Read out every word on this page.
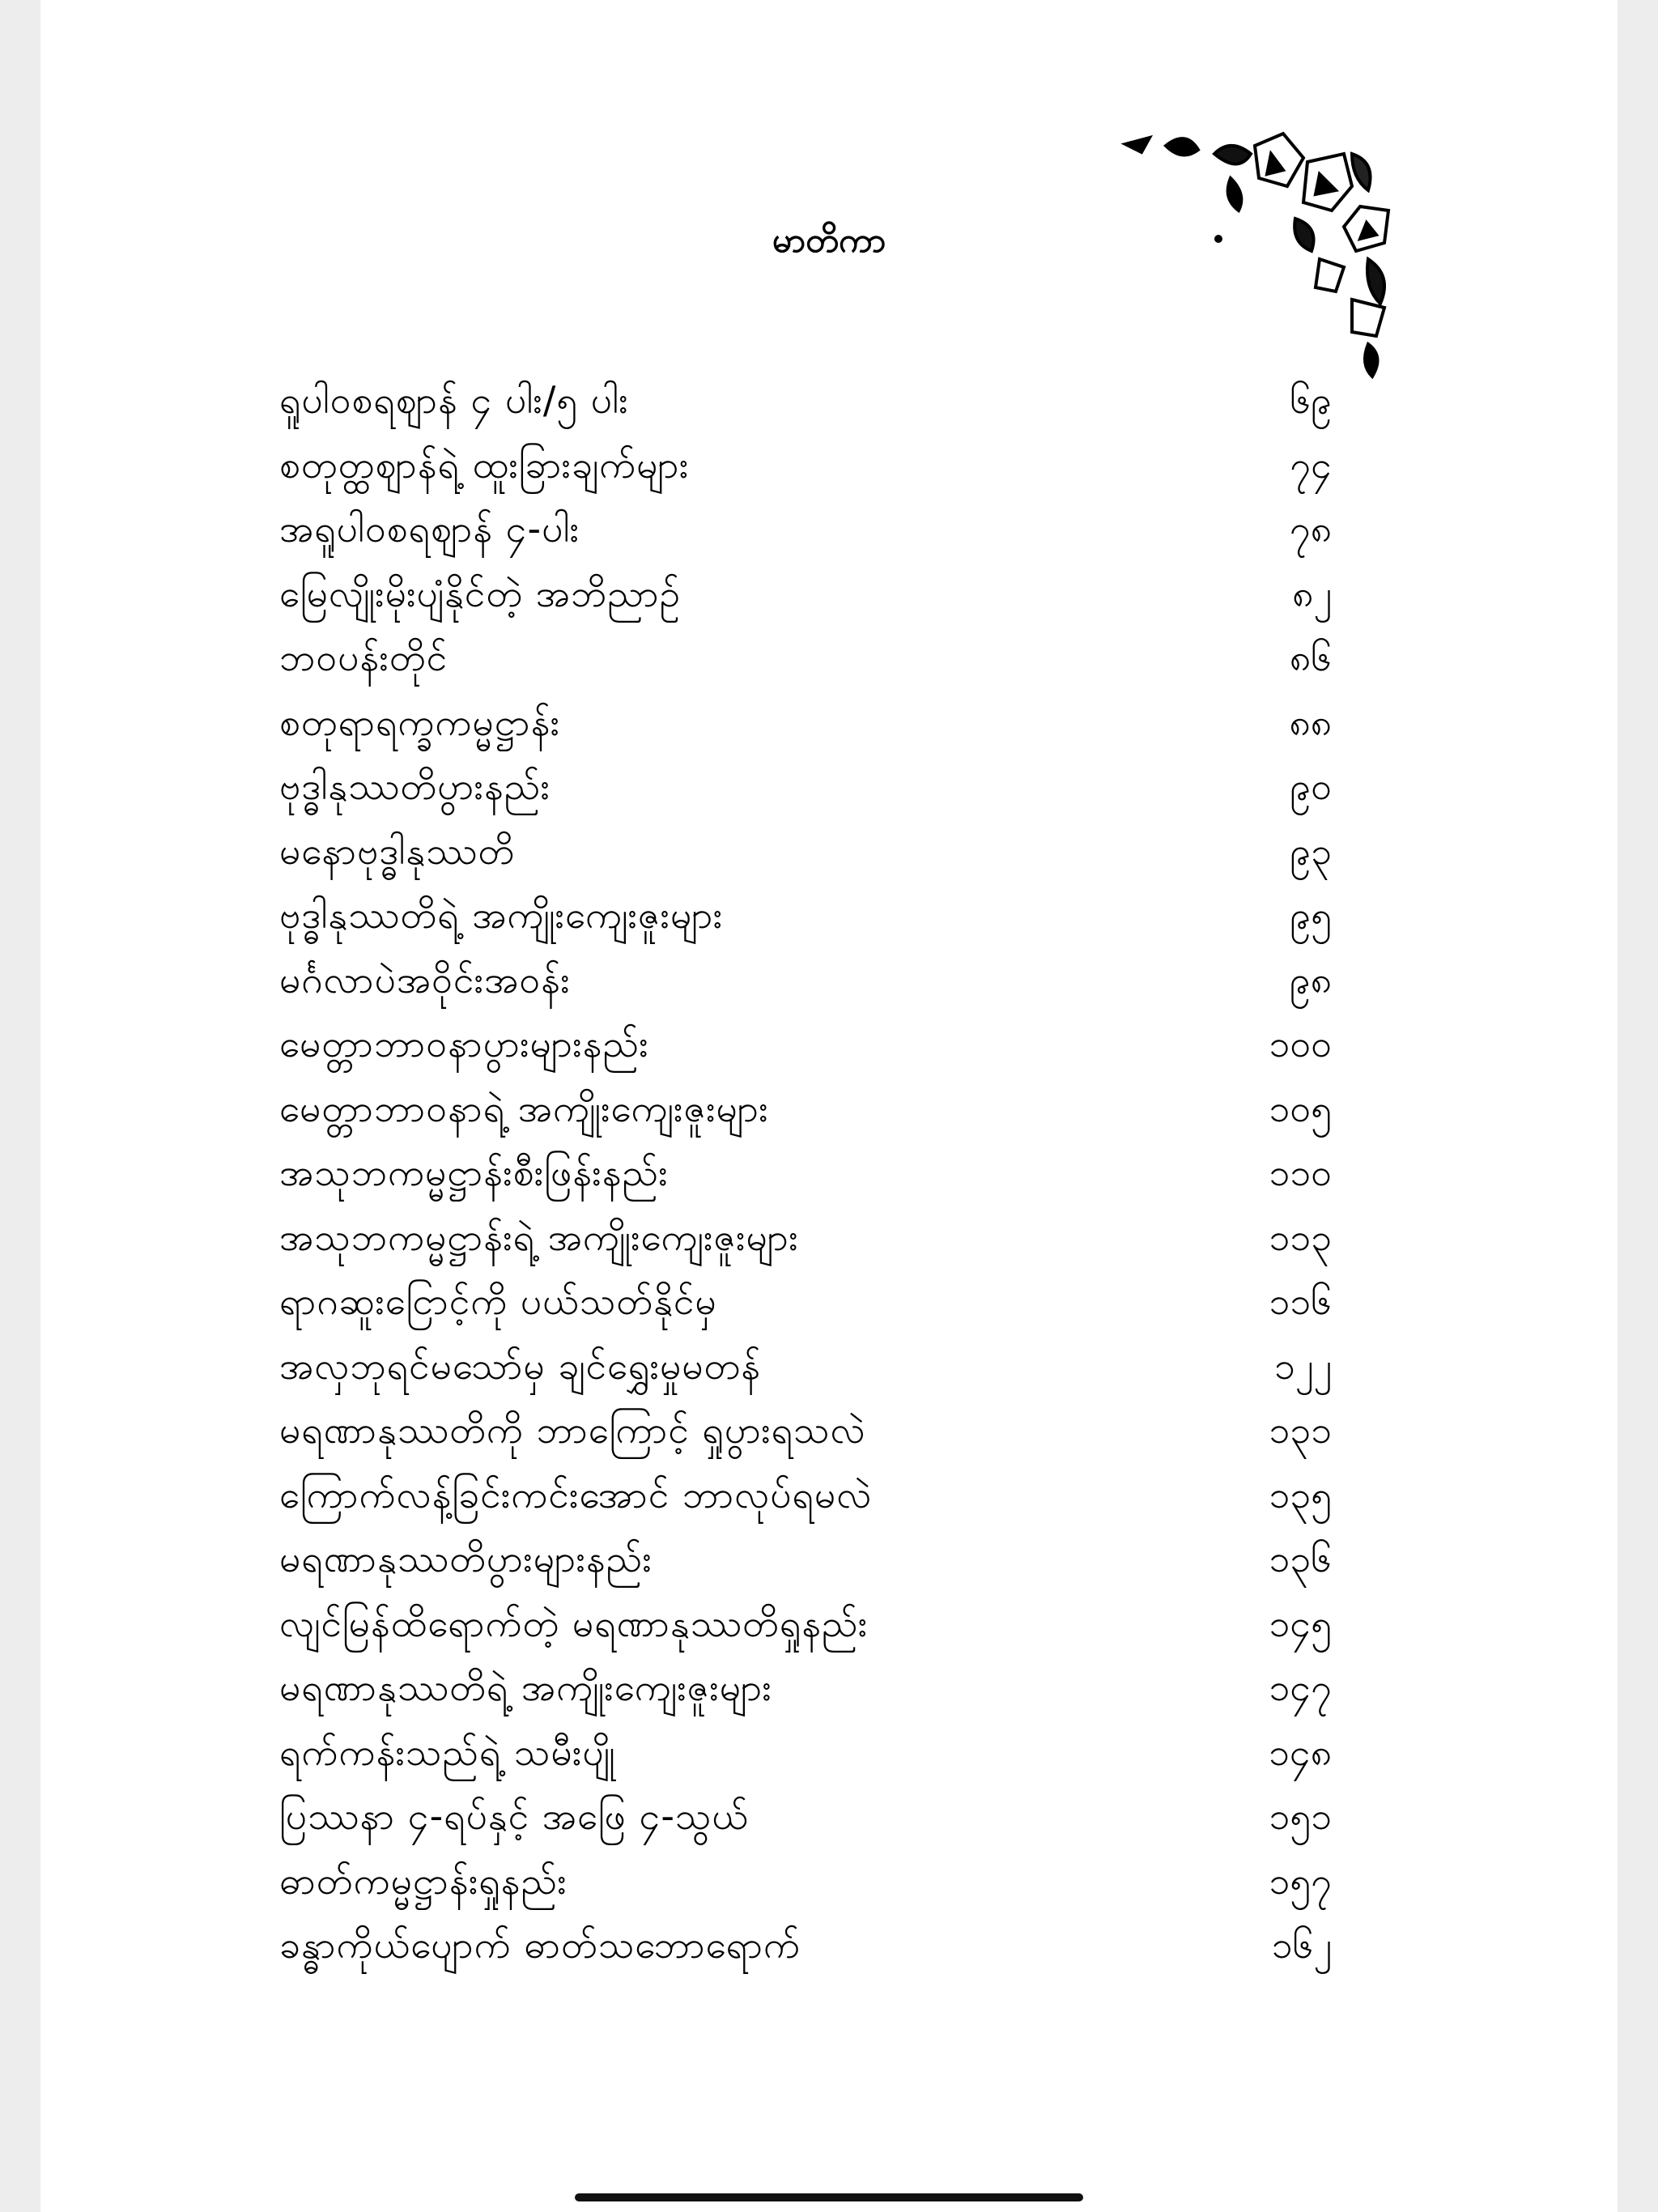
မာတိကာ
ရူပါဝစရဈာန် ၄ ပါး/၅ ပါး	၆၉
စတုတ္ထဈာန်ရဲ့ ထူးခြားချက်များ	၇၄
အရူပါဝစရဈာန် ၄-ပါး	၇၈
မြေလျိုးမိုးပျံနိုင်တဲ့ အဘိညာဉ်	၈၂
ဘဝပန်းတိုင်	၈၆
စတုရာရက္ခကမ္မဋ္ဌာန်း	၈၈
ဗုဒ္ဓါနုဿတိပွားနည်း	၉၀
မနောဗုဒ္ဓါနုဿတိ	၉၃
ဗုဒ္ဓါနုဿတိရဲ့ အကျိုးကျေးဇူးများ	၉၅
မင်္ဂလာပဲအဝိုင်းအဝန်း	၉၈
မေတ္တာဘာဝနာပွားများနည်း	၁၀၀
မေတ္တာဘာဝနာရဲ့ အကျိုးကျေးဇူးများ	၁၀၅
အသုဘကမ္မဋ္ဌာန်းစီးဖြန်းနည်း	၁၁၀
အသုဘကမ္မဋ္ဌာန်းရဲ့ အကျိုးကျေးဇူးများ	၁၁၃
ရာဂဆူးငြောင့်ကို ပယ်သတ်နိုင်မှ	၁၁၆
အလှဘုရင်မသော်မှ ချင်ရွှေးမှုမတန်	၁၂၂
မရဏာနုဿတိကို ဘာကြောင့် ရှုပွားရသလဲ	၁၃၁
ကြောက်လန့်ခြင်းကင်းအောင် ဘာလုပ်ရမလဲ	၁၃၅
မရဏာနုဿတိပွားများနည်း	၁၃၆
လျင်မြန်ထိရောက်တဲ့ မရဏာနုဿတိရှုနည်း	၁၄၅
မရဏာနုဿတိရဲ့ အကျိုးကျေးဇူးများ	၁၄၇
ရက်ကန်းသည်ရဲ့ သမီးပျို	၁၄၈
ပြဿနာ ၄-ရပ်နှင့် အဖြေ ၄-သွယ်	၁၅၁
ဓာတ်ကမ္မဋ္ဌာန်းရှုနည်း	၁၅၇
ခန္ဓာကိုယ်ပျောက် ဓာတ်သဘောရောက်	၁၆၂
